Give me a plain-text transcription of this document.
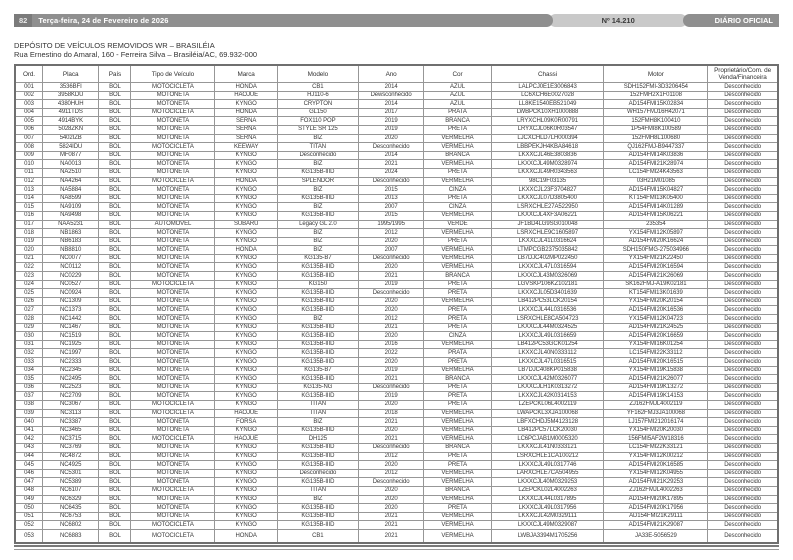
82	Terça-feira, 24 de Fevereiro de 2026	Nº 14.210	DIÁRIO OFICIAL
DEPÓSITO DE VEÍCULOS REMOVIDOS WR – BRASILÉIA
Rua Ernestino do Amaral, 160 - Ferreira Silva – Brasiléia/AC, 69.932-000
Ord.	Placa	País	Tipo de Veículo	Marca	Modelo	Ano	Cor	Chassi	Motor	Proprietário/Com. de Venda/Financeira
001	3536BFI	BOL	MOTOCICLETA	HONDA	CB1	2014	AZUL	LALPCJ0E1E3006843	SDH152FMI-3D3206454	Desconhecido
002	3958KDU	BOL	MOTONETA	HAOJUE	HJ110-6	Dewsconhecido	AZUL	LC6XCH6E0027028	152FMH2X1F01108	Desconhecido
003	4380HUH	BOL	MOTONETA	KYNGO	CRYPTON	2014	AZUL	LL8KE1540EB521049	AD154FMI15K02834	Desconhecido
004	4911TDS	BOL	MOTOCICLETA	HONDA	GL150	2017	PRATA	LWBPCK10XH1000888	WH157FMJ16H42071	Desconhecido
005	4914BYK	BOL	MOTONETA	SERNA	FOX110 POP	2019	BRANCA	LRYXCHL09K0R00791	152FMH8K100410	Desconhecido
006	5028ZKN	BOL	MOTONETA	SERNA	STYLE SR 125	2019	PRETA	LRYXCJL06K0R03547	1P54FMI8K100589	Desconhecido
007	5402IZB	BOL	MOTONETA	SERNA	BIZ	2020	VERMELHA	LJCXCHLD7LH000394	152FMH8L100680	Desconhecido
008	5824IDU	BOL	MOTOCICLETA	KEEWAY	TITAN	Desconhecido	VERMELHA	LBBPEKJH4KBA84618	QJ162FMJ-B9447337	Desconhecido
009	MF0877	BOL	MOTONETA	KYNGO	Desconhecido	2014	BRANCA	LKXXCJL46E3803836	AD154FMI14K03836	Desconhecido
010	NA0013	BOL	MOTONETA	KYNGO	BIZ	2021	VERMELHA	LKXXCJL49M0328974	AD154FMI21K28974	Desconhecido
011	NA2510	BOL	MOTONETA	KYNGO	KG135B-IIID	2024	PRETA	LKXXCJL49R0343563	LC154FMI24K43563	Desconhecido
012	NA4264	BOL	MOTOCICLETA	HONDA	SPLENDOR	Desconhecido	VERMELHA	98C19F03135	03H21M01085	Desconhecido
013	NA5884	BOL	MOTONETA	KYNGO	BIZ	2015	CINZA	LKXXCJL23F3704827	AD154FMI15K04827	Desconhecido
014	NA8599	BOL	MOTONETA	KYNGO	KG135B-IIID	2013	PRETA	LKXXCJL07D3805400	KT154FMI13K05400	Desconhecido
015	NA9109	BOL	MOTONETA	KYNGO	BIZ	2007	CINZA	LSRXCHLE27A522950	AD154FMI14K01289	Desconhecido
016	NA9498	BOL	MOTONETA	KYNGO	KG135B-IIID	2015	VERMELHA	LKXXCJL4XF3A06221	AD154FMI15K06221	Desconhecido
017	NAA5231	BOL	AUTOMÓVEL	SUBARU	Legacy GL 2.0	1995/1995	VERDE	JF1BD4LG9SG010048	235354	Desconhecido
018	NB1863	BOL	MOTONETA	KYNGO	BIZ	2012	VERMELHA	LSRXCHLE9C1605897	YX154FMI12K05897	Desconhecido
019	NB6183	BOL	MOTONETA	KYNGO	BIZ	2020	PRETA	LKXXCJL41L0316624	AD154FMI20K16624	Desconhecido
020	NB8810	BOL	MOTONETA	HONDA	BIZ	2007	VERMELHA	LTMPCGB2375035842	SDH150FMG-275034966	Desconhecido
021	NC0077	BOL	MOTONETA	KYNGO	KG135-B7	Desconhecido	VERMELHA	LB7DJC402MP022450	YX154FMI21K22450	Desconhecido
022	NC0112	BOL	MOTONETA	KYNGO	KG135B-IIID	2020	VERMELHA	LKXXCJL47L0316594	AD154FMI20K16594	Desconhecido
023	NC0229	BOL	MOTONETA	KYNGO	KG135B-IIID	2021	BRANCA	LKXXCJL43M0326069	AD154FMI21K26069	Desconhecido
024	NC0527	BOL	MOTOCICLETA	KYNGO	KG150	2019	PRETA	LGVSKP106KZ102181	SK162FMJ-A19K02181	Desconhecido
025	NC0924	BOL	MOTONETA	KYNGO	KG135B-IIID	Desconhecido	PRETA	LKXXCJL05D3401639	KT154FMI13K01639	Desconhecido
026	NC1309	BOL	MOTONETA	KYNGO	KG135B-IIID	2020	VERMELHA	LB412PC53LCK20154	YX154FMI20K20154	Desconhecido
027	NC1373	BOL	MOTONETA	KYNGO	KG135B-IIID	2020	PRETA	LKXXCJL44L0316536	AD154FMI20K16536	Desconhecido
028	NC1442	BOL	MOTONETA	KYNGO	BIZ	2012	PRETA	LSRXCHLE8CA504723	YX154FMI12K04723	Desconhecido
029	NC1467	BOL	MOTONETA	KYNGO	KG135B-IIID	2021	PRETA	LKXXCJL44M0324525	AD154FMI21K24525	Desconhecido
030	NC1519	BOL	MOTONETA	KYNGO	KG135B-IIID	2020	CINZA	LKXXCJL49L0316659	AD154FMI20K16659	Desconhecido
031	NC1925	BOL	MOTONETA	KYNGO	KG135B-IIID	2016	VERMELHA	LB412PC53GCK01254	YX154FMI16K01254	Desconhecido
032	NC1997	BOL	MOTONETA	KYNGO	KG135B-IIID	2022	PRATA	LKXXCJL40N0333112	LC154FMI22K33112	Desconhecido
033	NC2333	BOL	MOTONETA	KYNGO	KG135B-IIID	2020	PRETA	LKXXCJL47L0316515	AD154FMI20K16515	Desconhecido
034	NC2345	BOL	MOTONETA	KYNGO	KG135-B7	2019	VERMELHA	LB7DJC408KP015838	YX154FMI19K15838	Desconhecido
035	NC2495	BOL	MOTONETA	KYNGO	KG135B-IIID	2021	BRANCA	LKXXCJL42M0326077	AD154FMI21K26077	Desconhecido
036	NC2523	BOL	MOTONETA	KYNGO	KG135-NG	Desconhecido	PRETA	LKXXCJLH1K0313272	AD154FMI19K13272	Desconhecido
037	NC2709	BOL	MOTONETA	KYNGO	KG135B-IIID	2019	PRETA	LKXXCJL42K0314153	AD154FMI19K14153	Desconhecido
038	NC3067	BOL	MOTOCICLETA	KYNGO	TITAN	2020	PRETA	LZEPCKL06L4002119	ZJ162FMJL4002119	Desconhecido
039	NC3113	BOL	MOTOCICLETA	HAOJUE	TITAN	2018	VERMELHA	LWAPCKL3XJA100068	YF162FMJ3JA100068	Desconhecido
040	NC3387	BOL	MOTONETA	FORSA	BIZ	2021	VERMELHA	LBFXCHDJ5M4123128	LJ157FMI212016174	Desconhecido
041	NC3465	BOL	MOTONETA	KYNGO	KG135B-IIID	2020	VERMELHA	LB412PC57LCK20030	YX154FMI20K20030	Desconhecido
042	NC3715	BOL	MOTOCICLETA	HAOJUE	DH125	2021	VERMELHA	LC6PCJAB1M0005320	156FMI5AF2W18316	Desconhecido
043	NC3769	BOL	MOTONETA	KYNGO	KG135B-IIID	Desconhecido	BRANCA	LKXXCJL41N0333121	LC154FMI22K33121	Desconhecido
044	NC4872	BOL	MOTONETA	KYNGO	KG135B-IIID	2012	PRETA	LSRXCHLE1CA100212	YX154FMI12K00212	Desconhecido
045	NC4925	BOL	MOTONETA	KYNGO	KG135B-IIID	2020	PRETA	LKXXCJL49L0317746	AD154FMI20K16585	Desconhecido
046	NC5301	BOL	MOTONETA	KYNGO	Desconhecido	2012	VERMELHA	LARXCHLE7CA504955	YX154FMI12K04955	Desconhecido
047	NC5389	BOL	MOTONETA	KYNGO	KG135B-IIID	Desconhecido	VERMELHA	LKXXCJL40M0329253	AD154FMI21K29253	Desconhecido
048	NC6107	BOL	MOTOCICLETA	KYNGO	TITAN	2020	BRANCA	LZEPCKL02L4002263	ZJ162FMJL4002263	Desconhecido
049	NC6329	BOL	MOTONETA	KYNGO	BIZ	2020	VERMELHA	LKXXCJL44L0317895	AD154FMI20K17895	Desconhecido
050	NC6435	BOL	MOTONETA	KYNGO	KG135B-IIID	2020	PRETA	LKXXCJL49L0317956	AD154FMI20K17956	Desconhecido
051	NC6753	BOL	MOTONETA	KYNGO	KG135B-IIID	2021	VERMELHA	LKXXCJL42M0329111	AD154FMI21K29111	Desconhecido
052	NC6802	BOL	MOTOCICLETA	KYNGO	KG135B-IIID	2021	VERMELHA	LKXXCJL49M0329087	AD154FMI21K29087	Desconhecido
053	NC6883	BOL	MOTOCICLETA	HONDA	CB1	2021	VERMELHA	LWBJA3394M1705256	JA33E-5056529	Desconhecido
